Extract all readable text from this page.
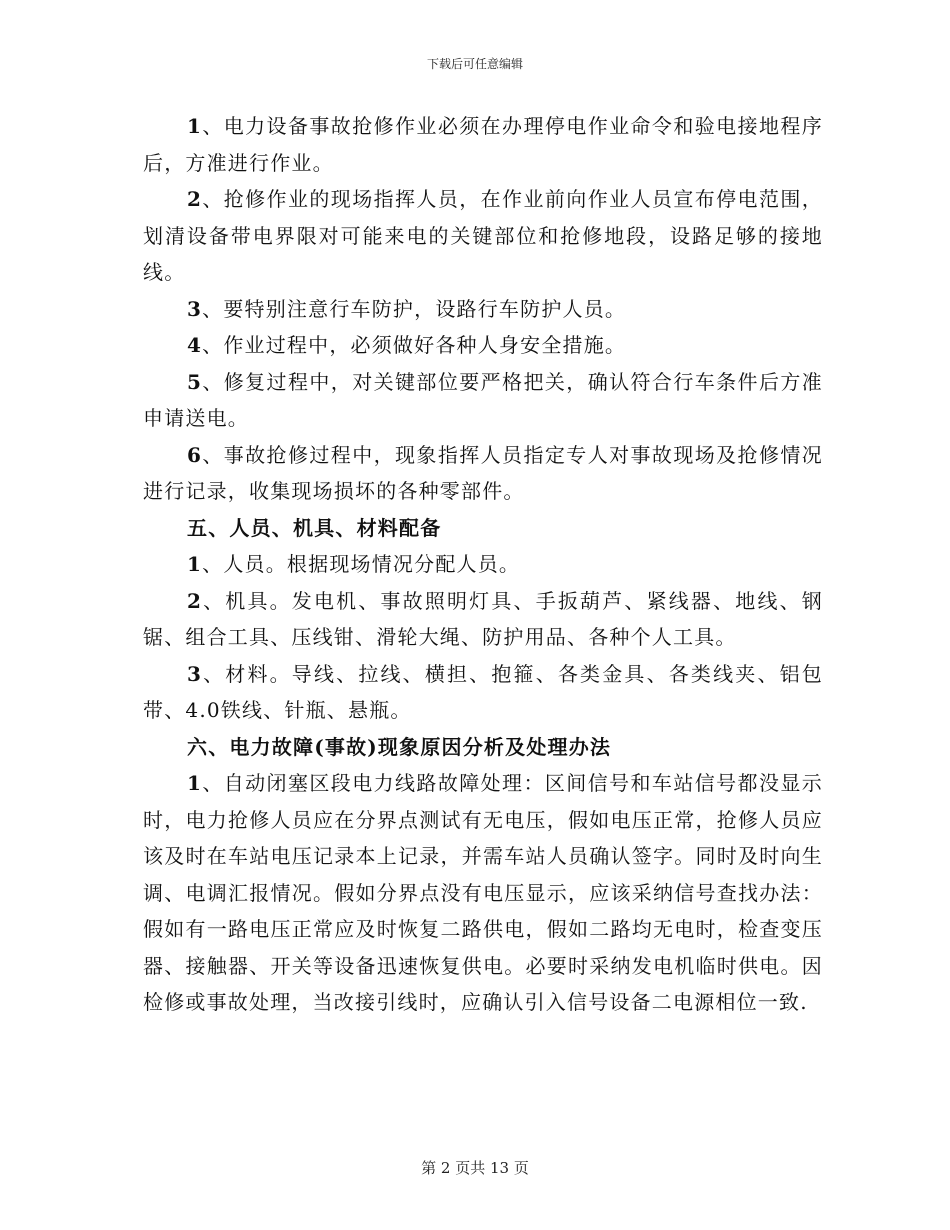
下载后可任意编辑

1、电力设备事故抢修作业必须在办理停电作业命令和验电接地程序后，方准进行作业。

2、抢修作业的现场指挥人员，在作业前向作业人员宣布停电范围，划清设备带电界限对可能来电的关键部位和抢修地段，设路足够的接地线。

3、要特别注意行车防护，设路行车防护人员。

4、作业过程中，必须做好各种人身安全措施。

5、修复过程中，对关键部位要严格把关，确认符合行车条件后方准申请送电。

6、事故抢修过程中，现象指挥人员指定专人对事故现场及抢修情况进行记录，收集现场损坏的各种零部件。

五、人员、机具、材料配备

1、人员。根据现场情况分配人员。

2、机具。发电机、事故照明灯具、手扳葫芦、紧线器、地线、钢锯、组合工具、压线钳、滑轮大绳、防护用品、各种个人工具。

3、材料。导线、拉线、横担、抱箍、各类金具、各类线夹、铝包带、4.0铁线、针瓶、悬瓶。

六、电力故障(事故)现象原因分析及处理办法

1、自动闭塞区段电力线路故障处理：区间信号和车站信号都没显示时，电力抢修人员应在分界点测试有无电压，假如电压正常，抢修人员应该及时在车站电压记录本上记录，并需车站人员确认签字。同时及时向生调、电调汇报情况。假如分界点没有电压显示，应该采纳信号查找办法：假如有一路电压正常应及时恢复二路供电，假如二路均无电时，检查变压器、接触器、开关等设备迅速恢复供电。必要时采纳发电机临时供电。因检修或事故处理，当改接引线时，应确认引入信号设备二电源相位一致.

第 2 页共 13 页
